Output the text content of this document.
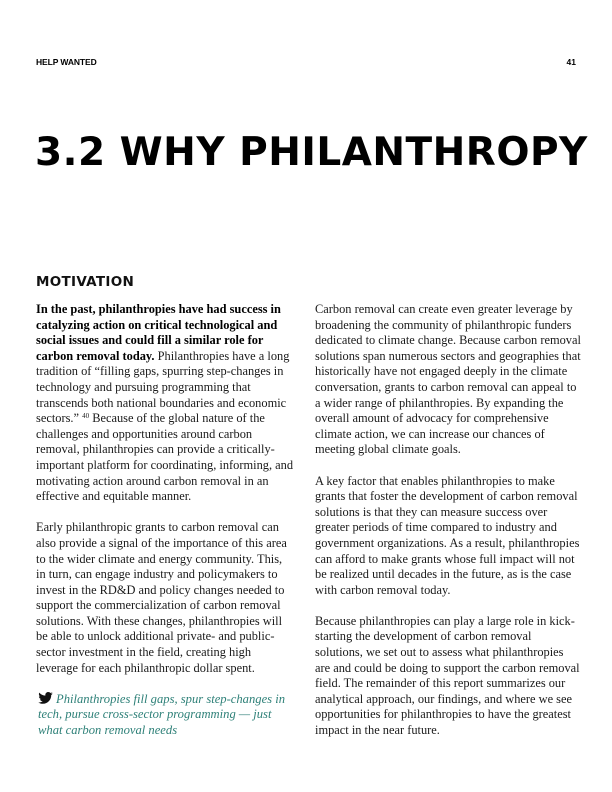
HELP WANTED	41
3.2 WHY PHILANTHROPY
MOTIVATION

In the past, philanthropies have had success in catalyzing action on critical technological and social issues and could fill a similar role for carbon removal today. Philanthropies have a long tradition of “filling gaps, spurring step-changes in technology and pursuing programming that transcends both national boundaries and economic sectors.” $^{40}$ Because of the global nature of the challenges and opportunities around carbon removal, philanthropies can provide a critically-important platform for coordinating, informing, and motivating action around carbon removal in an effective and equitable manner.

Early philanthropic grants to carbon removal can also provide a signal of the importance of this area to the wider climate and energy community. This, in turn, can engage industry and policymakers to invest in the RD&D and policy changes needed to support the commercialization of carbon removal solutions. With these changes, philanthropies will be able to unlock additional private- and public-sector investment in the field, creating high leverage for each philanthropic dollar spent.

Philanthropies fill gaps, spur step-changes in tech, pursue cross-sector programming — just what carbon removal needs

Carbon removal can create even greater leverage by broadening the community of philanthropic funders dedicated to climate change. Because carbon removal solutions span numerous sectors and geographies that historically have not engaged deeply in the climate conversation, grants to carbon removal can appeal to a wider range of philanthropies. By expanding the overall amount of advocacy for comprehensive climate action, we can increase our chances of meeting global climate goals.

A key factor that enables philanthropies to make grants that foster the development of carbon removal solutions is that they can measure success over greater periods of time compared to industry and government organizations. As a result, philanthropies can afford to make grants whose full impact will not be realized until decades in the future, as is the case with carbon removal today.

Because philanthropies can play a large role in kick-starting the development of carbon removal solutions, we set out to assess what philanthropies are and could be doing to support the carbon removal field. The remainder of this report summarizes our analytical approach, our findings, and where we see opportunities for philanthropies to have the greatest impact in the near future.
